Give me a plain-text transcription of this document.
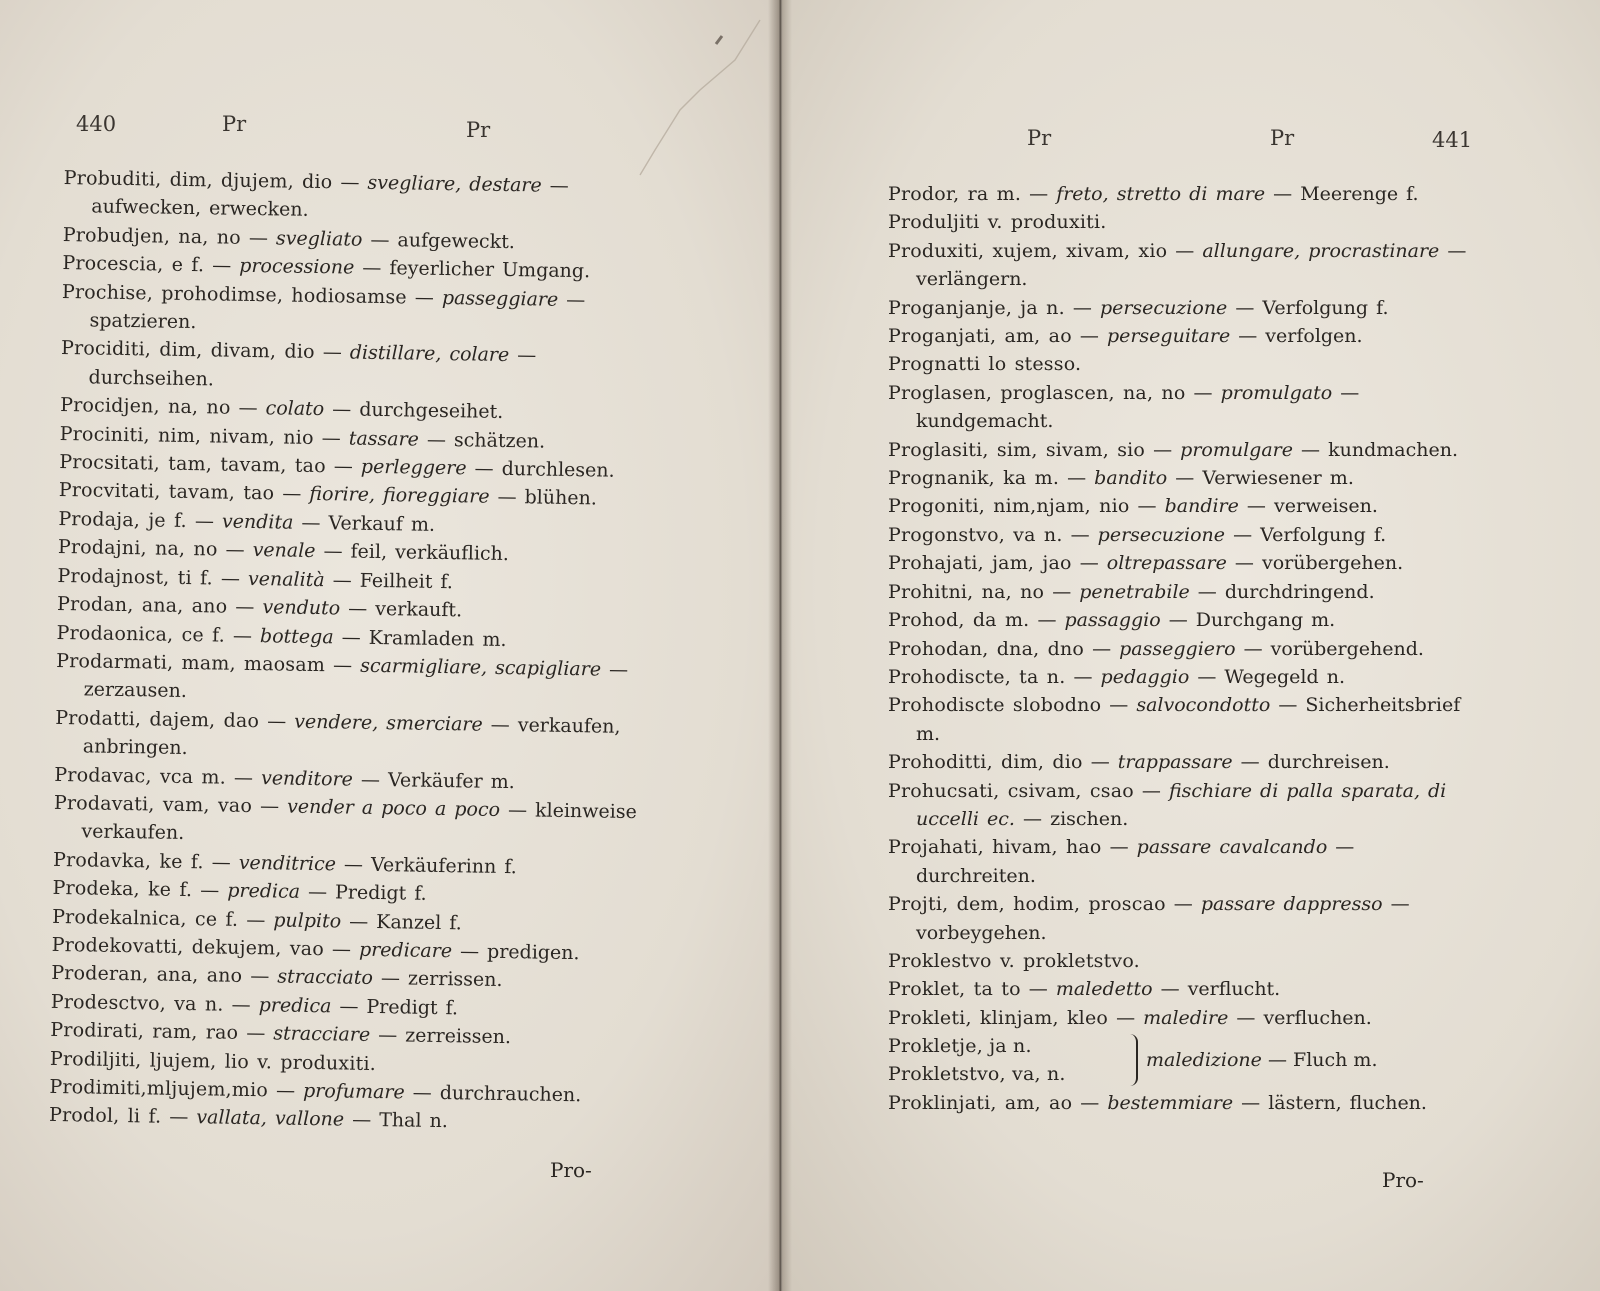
440	Pr	Pr
Probuditi, dim, djujem, dio — svegliare, destare— aufwecken, erwecken.
Probudjen, na, no — svegliato — aufgeweckt.
Procescia, e f. — processione — feyerlicher Umgang.
Prochise, prohodimse, hodiosamse — passeggiare— spatzieren.
Prociditi, dim, divam, dio — distillare, colare— durchseihen.
Procidjen, na, no — colato — durchgeseihet.
Prociniti, nim, nivam, nio — tassare — schätzen.
Procsitati, tam, tavam, tao — perleggere— durchlesen.
Procvitati, tavam, tao — fiorire, fioreggiare— blühen.
Prodaja, je f. — vendita — Verkauf m.
Prodajni, na, no — venale — feil, verkäuflich.
Prodajnost, ti f. — venalità — Feilheit f.
Prodan, ana, ano — venduto — verkauft.
Prodaonica, ce f. — bottega — Kramladen m.
Prodarmati, mam, maosam — scarmigliare, scapigliare— zerzausen.
Prodatti, dajem, dao — vendere, smerciare— verkaufen, anbringen.
Prodavac, vca m. — venditore — Verkäufer m.
Prodavati, vam, vao — vender a poco a poco— kleinweise verkaufen.
Prodavka, ke f. — venditrice — Verkäuferinn f.
Prodeka, ke f. — predica — Predigt f.
Prodekalnica, ce f. — pulpito — Kanzel f.
Prodekovatti, dekujem, vao — predicare— predigen.
Proderan, ana, ano — stracciato — zerrissen.
Prodesctvo, va n. — predica — Predigt f.
Prodirati, ram, rao — stracciare — zerreissen.
Prodiljiti, ljujem, lio v. produxiti.
Prodimiti,mljujem,mio — profumare— durchrauchen.
Prodol, li f. — vallata, vallone — Thal n.
Pro-
Pr	Pr	441
Prodor, ra m. — freto, stretto di mare — Meerenge f.
Produljiti v. produxiti.
Produxiti, xujem, xivam, xio — allungare, procrastinare— verlängern.
Proganjanje, ja n. — persecuzione — Verfolgung f.
Proganjati, am, ao — perseguitare — verfolgen.
Prognatti lo stesso.
Proglasen, proglascen, na, no — promulgato— kundgemacht.
Proglasiti, sim, sivam, sio — promulgare— kundmachen.
Prognanik, ka m. — bandito — Verwiesener m.
Progoniti, nim,njam, nio — bandire — verweisen.
Progonstvo, va n. — persecuzione — Verfolgung f.
Prohajati, jam, jao — oltrepassare— vorübergehen.
Prohitni, na, no — penetrabile — durchdringend.
Prohod, da m. — passaggio — Durchgang m.
Prohodan, dna, dno — passeggiero— vorübergehend.
Prohodiscte, ta n. — pedaggio — Wegegeld n.
Prohodiscte slobodno — salvocondotto— Sicherheitsbrief m.
Prohoditti, dim, dio — trappassare — durchreisen.
Prohucsati, csivam, csao — fischiare di palla sparata, di uccelli ec. — zischen.
Projahati, hivam, hao — passare cavalcando— durchreiten.
Projti, dem, hodim, proscao — passare dappresso— vorbeygehen.
Proklestvo v. prokletstvo.
Proklet, ta to — maledetto — verflucht.
Prokleti, klinjam, kleo — maledire — verfluchen.
Prokletje, ja n.
Prokletstvo, va, n.
maledizione — Fluch m.
Proklinjati, am, ao — bestemmiare — lästern, fluchen.
Pro-
